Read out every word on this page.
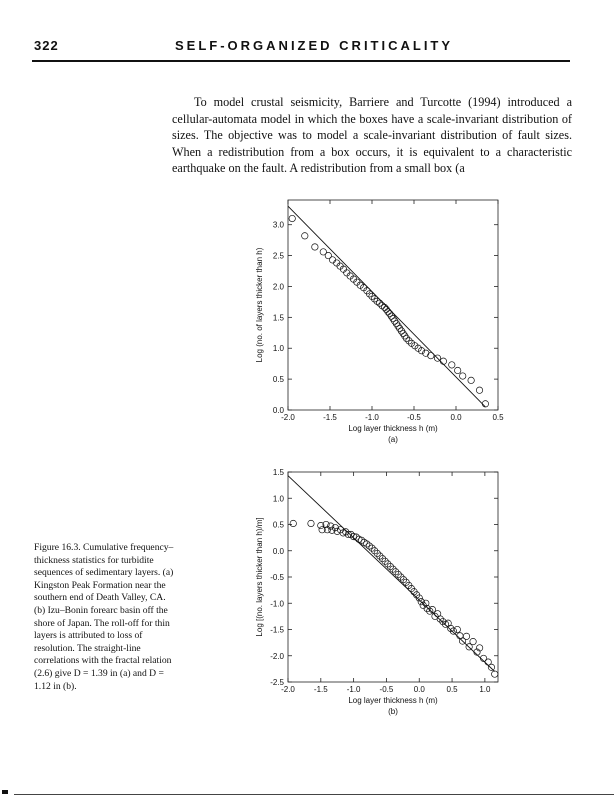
322	SELF-ORGANIZED CRITICALITY

To model crustal seismicity, Barriere and Turcotte (1994) introduced a cellular-automata model in which the boxes have a scale-invariant distribution of sizes. The objective was to model a scale-invariant distribution of fault sizes. When a redistribution from a box occurs, it is equivalent to a characteristic earthquake on the fault. A redistribution from a small box (a

-2.0	-1.5	-1.0	-0.5	0.0	0.5
0.0
0.5
1.0
1.5
2.0
2.5
3.0
Log layer thickness h (m)
(a)
Log (no. of layers thicker than h)
-2.0 -1.5 -1.0 -0.5	0.0	0.5	1.0
-2.5
-2.0
-1.5
-1.0
-0.5
0.0
0.5
1.0
1.5
Log layer thickness h (m)
(b)
Log [(no. layers thicker than h)/m]

Figure 16.3. Cumulative frequency–thickness statistics for turbidite sequences of sedimentary layers. (a) Kingston Peak Formation near the southern end of Death Valley, CA. (b) Izu–Bonin forearc basin off the shore of Japan. The roll-off for thin layers is attributed to loss of resolution. The straight-line correlations with the fractal relation (2.6) give D = 1.39 in (a) and D = 1.12 in (b).
